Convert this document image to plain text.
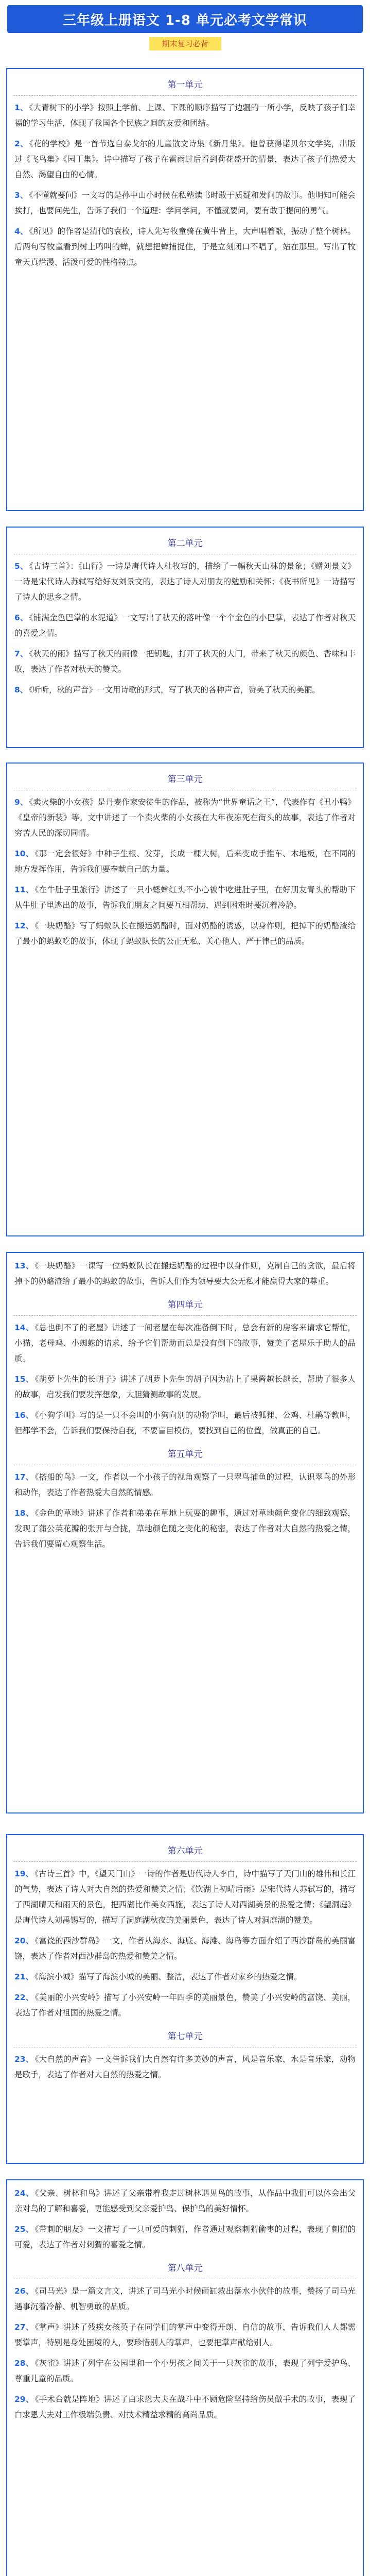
三年级上册语文 1-8 单元必考文学常识
期末复习必背
第一单元

1、 《大青树下的小学》按照上学前、上课、下课的顺序描写了边疆的一所小学，反映了孩子们幸福的学习生活，体现了我国各个民族之间的友爱和团结。

2、 《花的学校》是一首节选自泰戈尔的儿童散文诗集《新月集》。他曾获得诺贝尔文学奖，出版过《飞鸟集》《园丁集》。诗中描写了孩子在雷雨过后看到荷花盛开的情景，表达了孩子们热爱大自然、渴望自由的心情。

3、 《不懂就要问》一文写的是孙中山小时候在私塾读书时敢于质疑和发问的故事。他明知可能会挨打，也要问先生，告诉了我们一个道理：学问学问，不懂就要问，要有敢于提问的勇气。

4、 《所见》的作者是清代的袁枚，诗人先写牧童骑在黄牛背上，大声唱着歌，振动了整个树林。后两句写牧童看到树上鸣叫的蝉，就想把蝉捕捉住，于是立刻闭口不唱了，站在那里。写出了牧童天真烂漫、活泼可爱的性格特点。

第二单元

5、 《古诗三首》：《山行》一诗是唐代诗人杜牧写的，描绘了一幅秋天山林的景象；《赠刘景文》一诗是宋代诗人苏轼写给好友刘景文的，表达了诗人对朋友的勉励和关怀；《夜书所见》一诗描写了诗人的思乡之情。

6、 《铺满金色巴掌的水泥道》一文写出了秋天的落叶像一个个金色的小巴掌，表达了作者对秋天的喜爱之情。

7、 《秋天的雨》描写了秋天的雨像一把钥匙，打开了秋天的大门，带来了秋天的颜色、香味和丰收，表达了作者对秋天的赞美。

8、 《听听，秋的声音》一文用诗歌的形式，写了秋天的各种声音，赞美了秋天的美丽。

第三单元

9、 《卖火柴的小女孩》是丹麦作家安徒生的作品，被称为“世界童话之王”，代表作有《丑小鸭》《皇帝的新装》等。文中讲述了一个卖火柴的小女孩在大年夜冻死在街头的故事，表达了作者对穷苦人民的深切同情。

10、 《那一定会很好》中种子生根、发芽，长成一棵大树，后来变成手推车、木地板，在不同的地方发挥作用，告诉我们要奉献自己的力量。

11、 《在牛肚子里旅行》讲述了一只小蟋蟀红头不小心被牛吃进肚子里，在好朋友青头的帮助下从牛肚子里逃出的故事，告诉我们朋友之间要互相帮助，遇到困难时要沉着冷静。

12、 《一块奶酪》写了蚂蚁队长在搬运奶酪时，面对奶酪的诱惑，以身作则，把掉下的奶酪渣给了最小的蚂蚁吃的故事，体现了蚂蚁队长的公正无私、关心他人、严于律己的品质。

13、 《一块奶酪》一课写一位蚂蚁队长在搬运奶酪的过程中以身作则，克制自己的贪欲，最后将掉下的奶酪渣给了最小的蚂蚁的故事，告诉人们作为领导要大公无私才能赢得大家的尊重。

第四单元

14、 《总也倒不了的老屋》讲述了一间老屋在每次准备倒下时，总会有新的房客来请求它帮忙，小猫、老母鸡、小蜘蛛的请求，给予它们帮助而总是没有倒下的故事，赞美了老屋乐于助人的品质。

15、 《胡萝卜先生的长胡子》讲述了胡萝卜先生的胡子因为沾上了果酱越长越长，帮助了很多人的故事，启发我们要发挥想象，大胆猜测故事的发展。

16、 《小狗学叫》写的是一只不会叫的小狗向别的动物学叫，最后被狐狸、公鸡、杜鹃等教叫，但都学不会，告诉我们要保持自我，不要盲目模仿，要找到自己的位置，做真正的自己。

第五单元

17、 《搭船的鸟》一文，作者以一个小孩子的视角观察了一只翠鸟捕鱼的过程，认识翠鸟的外形和动作，表达了作者热爱大自然的情感。

18、 《金色的草地》讲述了作者和弟弟在草地上玩耍的趣事，通过对草地颜色变化的细致观察，发现了蒲公英花瓣的张开与合拢，草地颜色随之变化的秘密，表达了作者对大自然的热爱之情，告诉我们要留心观察生活。

第六单元

19、 《古诗三首》中，《望天门山》一诗的作者是唐代诗人李白，诗中描写了天门山的雄伟和长江的气势，表达了诗人对大自然的热爱和赞美之情；《饮湖上初晴后雨》是宋代诗人苏轼写的，描写了西湖晴天和雨天的景色，把西湖比作美女西施，表达了诗人对西湖美景的热爱之情；《望洞庭》是唐代诗人刘禹锡写的，描写了洞庭湖秋夜的美丽景色，表达了诗人对洞庭湖的赞美。

20、 《富饶的西沙群岛》一文，作者从海水、海底、海滩、海岛等方面介绍了西沙群岛的美丽富饶，表达了作者对西沙群岛的热爱和赞美之情。

21、 《海滨小城》描写了海滨小城的美丽、整洁，表达了作者对家乡的热爱之情。

22、 《美丽的小兴安岭》描写了小兴安岭一年四季的美丽景色，赞美了小兴安岭的富饶、美丽，表达了作者对祖国的热爱之情。

第七单元

23、 《大自然的声音》一文告诉我们大自然有许多美妙的声音，风是音乐家，水是音乐家，动物是歌手，表达了作者对大自然的热爱之情。

24、 《父亲、树林和鸟》讲述了父亲带着我走过树林遇见鸟的故事，从作品中我们可以体会出父亲对鸟的了解和喜爱，更能感受到父亲爱护鸟、保护鸟的美好情怀。

25、 《带刺的朋友》一文描写了一只可爱的刺猬，作者通过观察刺猬偷枣的过程，表现了刺猬的可爱，表达了作者对刺猬的喜爱之情。

第八单元

26、 《司马光》是一篇文言文，讲述了司马光小时候砸缸救出落水小伙伴的故事，赞扬了司马光遇事沉着冷静、机智勇敢的品质。

27、 《掌声》讲述了残疾女孩英子在同学们的掌声中变得开朗、自信的故事，告诉我们人人都需要掌声，特别是身处困境的人，要珍惜别人的掌声，也要把掌声献给别人。

28、 《灰雀》讲述了列宁在公园里和一个小男孩之间关于一只灰雀的故事，表现了列宁爱护鸟、尊重儿童的品质。

29、 《手术台就是阵地》讲述了白求恩大夫在战斗中不顾危险坚持给伤员做手术的故事，表现了白求恩大夫对工作极端负责、对技术精益求精的高尚品质。
